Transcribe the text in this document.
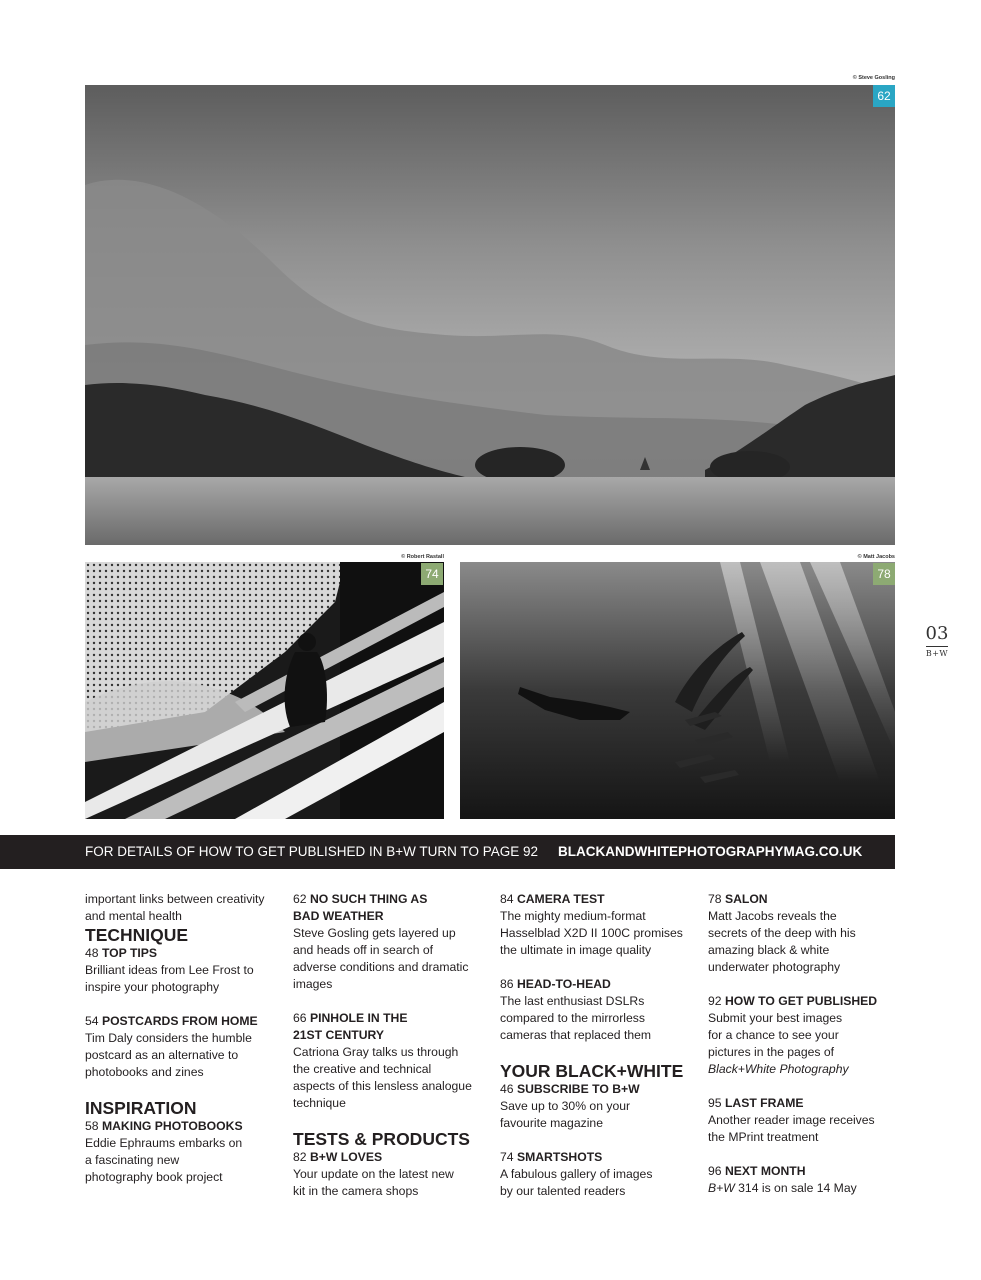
© Steve Gosling
62
© Robert Rastall
74
© Matt Jacobs
78
03
B+W
FOR DETAILS OF HOW TO GET PUBLISHED IN B+W TURN TO PAGE 92 BLACKANDWHITEPHOTOGRAPHYMAG.CO.UK

important links between creativity and mental health

TECHNIQUE

48 TOP TIPS

Brilliant ideas from Lee Frost to inspire your photography

54 POSTCARDS FROM HOME

Tim Daly considers the humble postcard as an alternative to photobooks and zines

INSPIRATION

58 MAKING PHOTOBOOKS

Eddie Ephraums embarks on a fascinating new photography book project

62 NO SUCH THING AS BAD WEATHER

Steve Gosling gets layered up and heads off in search of adverse conditions and dramatic images

66 PINHOLE IN THE 21ST CENTURY

Catriona Gray talks us through the creative and technical aspects of this lensless analogue technique

TESTS & PRODUCTS

82 B+W LOVES

Your update on the latest new kit in the camera shops

84 CAMERA TEST

The mighty medium-format Hasselblad X2D II 100C promises the ultimate in image quality

86 HEAD-TO-HEAD

The last enthusiast DSLRs compared to the mirrorless cameras that replaced them

YOUR BLACK+WHITE

46 SUBSCRIBE TO B+W

Save up to 30% on your favourite magazine

74 SMARTSHOTS

A fabulous gallery of images by our talented readers

78 SALON

Matt Jacobs reveals the secrets of the deep with his amazing black & white underwater photography

92 HOW TO GET PUBLISHED

Submit your best images for a chance to see your pictures in the pages of Black+White Photography

95 LAST FRAME

Another reader image receives the MPrint treatment

96 NEXT MONTH

B+W 314 is on sale 14 May
